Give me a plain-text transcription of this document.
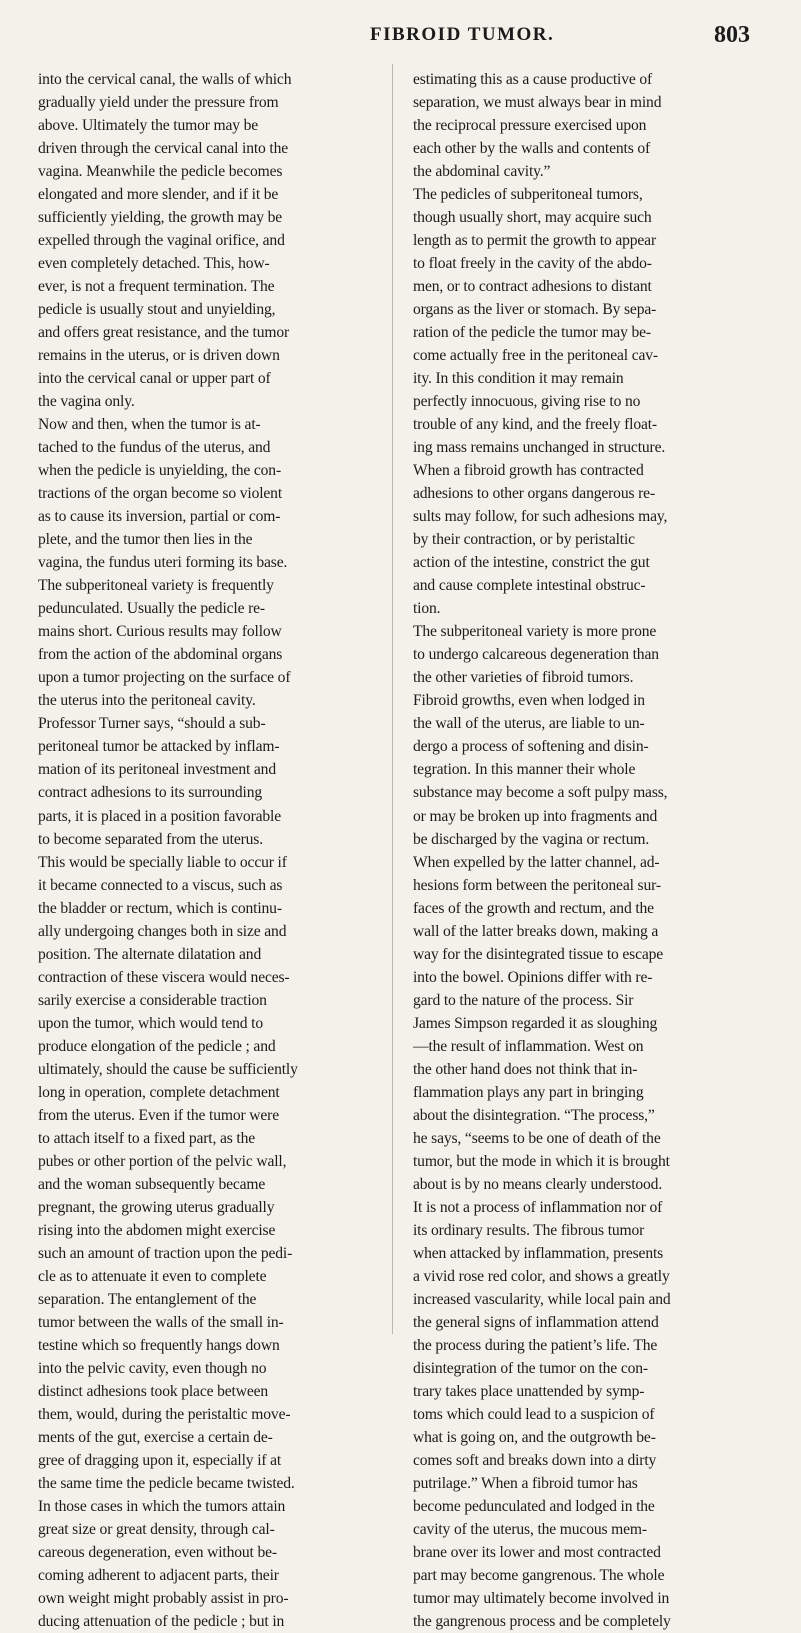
FIBROID TUMOR.	803
into the cervical canal, the walls of which
gradually yield under the pressure from
above. Ultimately the tumor may be
driven through the cervical canal into the
vagina. Meanwhile the pedicle becomes
elongated and more slender, and if it be
sufficiently yielding, the growth may be
expelled through the vaginal orifice, and
even completely detached. This, how-
ever, is not a frequent termination. The
pedicle is usually stout and unyielding,
and offers great resistance, and the tumor
remains in the uterus, or is driven down
into the cervical canal or upper part of
the vagina only.
Now and then, when the tumor is at-
tached to the fundus of the uterus, and
when the pedicle is unyielding, the con-
tractions of the organ become so violent
as to cause its inversion, partial or com-
plete, and the tumor then lies in the
vagina, the fundus uteri forming its base.
The subperitoneal variety is frequently
pedunculated. Usually the pedicle re-
mains short. Curious results may follow
from the action of the abdominal organs
upon a tumor projecting on the surface of
the uterus into the peritoneal cavity.
Professor Turner says, “should a sub-
peritoneal tumor be attacked by inflam-
mation of its peritoneal investment and
contract adhesions to its surrounding
parts, it is placed in a position favorable
to become separated from the uterus.
This would be specially liable to occur if
it became connected to a viscus, such as
the bladder or rectum, which is continu-
ally undergoing changes both in size and
position. The alternate dilatation and
contraction of these viscera would neces-
sarily exercise a considerable traction
upon the tumor, which would tend to
produce elongation of the pedicle ; and
ultimately, should the cause be sufficiently
long in operation, complete detachment
from the uterus. Even if the tumor were
to attach itself to a fixed part, as the
pubes or other portion of the pelvic wall,
and the woman subsequently became
pregnant, the growing uterus gradually
rising into the abdomen might exercise
such an amount of traction upon the pedi-
cle as to attenuate it even to complete
separation. The entanglement of the
tumor between the walls of the small in-
testine which so frequently hangs down
into the pelvic cavity, even though no
distinct adhesions took place between
them, would, during the peristaltic move-
ments of the gut, exercise a certain de-
gree of dragging upon it, especially if at
the same time the pedicle became twisted.
In those cases in which the tumors attain
great size or great density, through cal-
careous degeneration, even without be-
coming adherent to adjacent parts, their
own weight might probably assist in pro-
ducing attenuation of the pedicle ; but in
estimating this as a cause productive of
separation, we must always bear in mind
the reciprocal pressure exercised upon
each other by the walls and contents of
the abdominal cavity.”
The pedicles of subperitoneal tumors,
though usually short, may acquire such
length as to permit the growth to appear
to float freely in the cavity of the abdo-
men, or to contract adhesions to distant
organs as the liver or stomach. By sepa-
ration of the pedicle the tumor may be-
come actually free in the peritoneal cav-
ity. In this condition it may remain
perfectly innocuous, giving rise to no
trouble of any kind, and the freely float-
ing mass remains unchanged in structure.
When a fibroid growth has contracted
adhesions to other organs dangerous re-
sults may follow, for such adhesions may,
by their contraction, or by peristaltic
action of the intestine, constrict the gut
and cause complete intestinal obstruc-
tion.
The subperitoneal variety is more prone
to undergo calcareous degeneration than
the other varieties of fibroid tumors.
Fibroid growths, even when lodged in
the wall of the uterus, are liable to un-
dergo a process of softening and disin-
tegration. In this manner their whole
substance may become a soft pulpy mass,
or may be broken up into fragments and
be discharged by the vagina or rectum.
When expelled by the latter channel, ad-
hesions form between the peritoneal sur-
faces of the growth and rectum, and the
wall of the latter breaks down, making a
way for the disintegrated tissue to escape
into the bowel. Opinions differ with re-
gard to the nature of the process. Sir
James Simpson regarded it as sloughing
—the result of inflammation. West on
the other hand does not think that in-
flammation plays any part in bringing
about the disintegration. “The process,”
he says, “seems to be one of death of the
tumor, but the mode in which it is brought
about is by no means clearly understood.
It is not a process of inflammation nor of
its ordinary results. The fibrous tumor
when attacked by inflammation, presents
a vivid rose red color, and shows a greatly
increased vascularity, while local pain and
the general signs of inflammation attend
the process during the patient’s life. The
disintegration of the tumor on the con-
trary takes place unattended by symp-
toms which could lead to a suspicion of
what is going on, and the outgrowth be-
comes soft and breaks down into a dirty
putrilage.” When a fibroid tumor has
become pedunculated and lodged in the
cavity of the uterus, the mucous mem-
brane over its lower and most contracted
part may become gangrenous. The whole
tumor may ultimately become involved in
the gangrenous process and be completely
